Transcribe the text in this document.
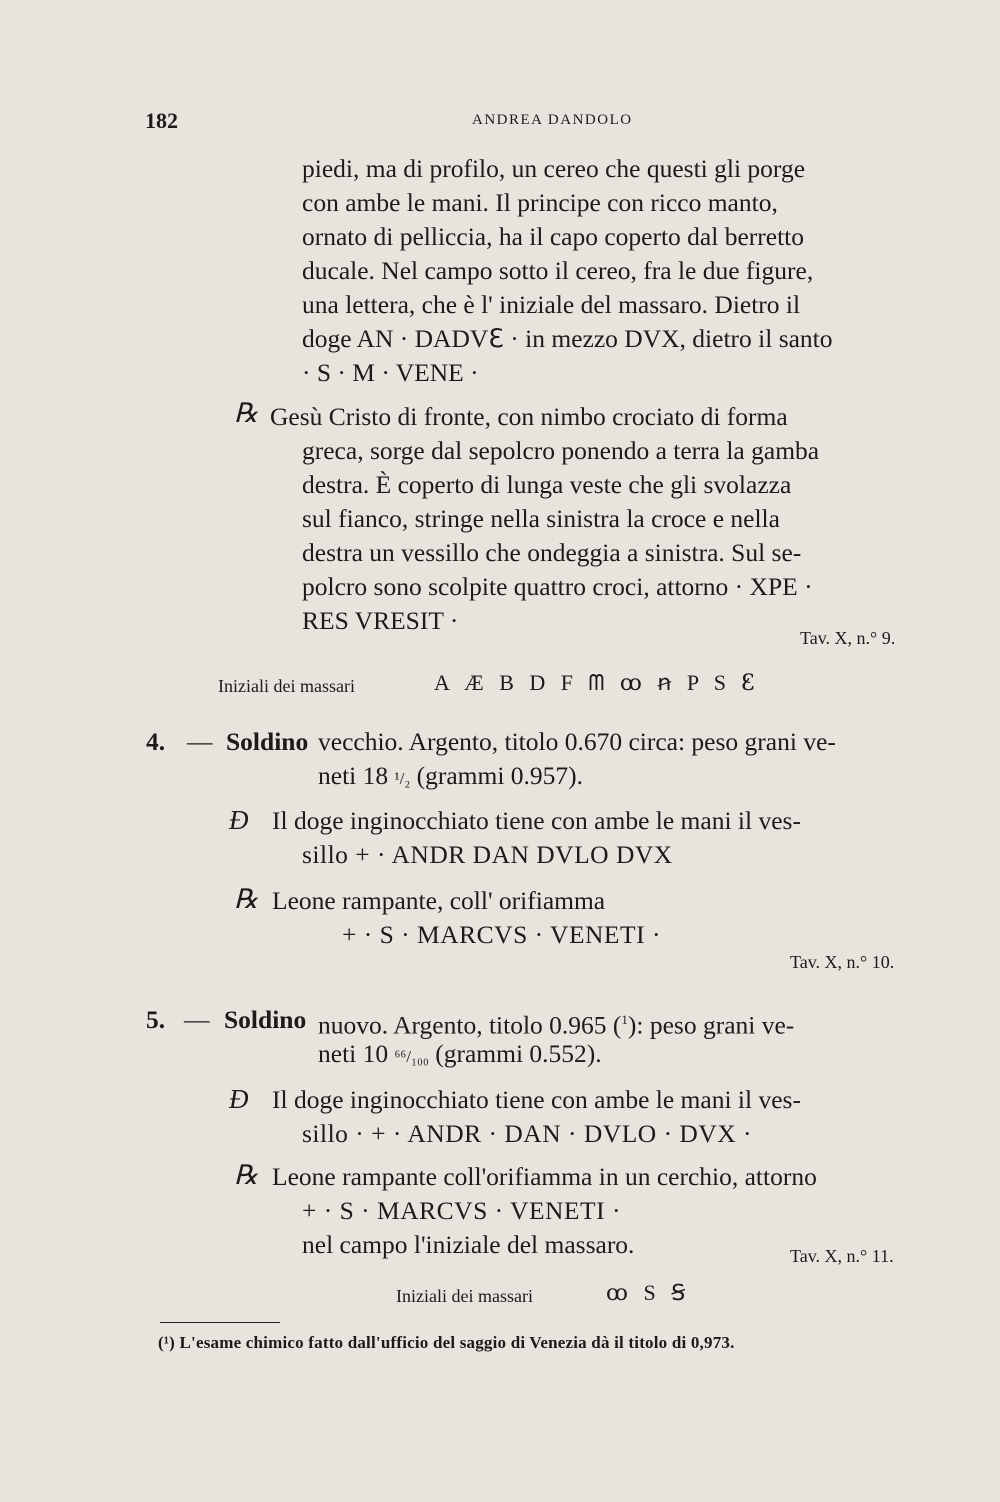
182	ANDREA DANDOLO
piedi, ma di profilo, un cereo che questi gli porge
con ambe le mani. Il principe con ricco manto,
ornato di pelliccia, ha il capo coperto dal berretto
ducale. Nel campo sotto il cereo, fra le due figure,
una lettera, che è l' iniziale del massaro. Dietro il
doge AN · DADVℇ · in mezzo DVX, dietro il santo
· S · M · VENE ·
℞ Gesù Cristo di fronte, con nimbo crociato di forma
greca, sorge dal sepolcro ponendo a terra la gamba
destra. È coperto di lunga veste che gli svolazza
sul fianco, stringe nella sinistra la croce e nella
destra un vessillo che ondeggia a sinistra. Sul se-
polcro sono scolpite quattro croci, attorno · XPE ·
RES VRESIT ·
Tav. X, n.° 9.
Iniziali dei massari	A Æ B D F ᗰ ꝏ ꞥ P S Ꜫ
4. — Soldino vecchio. Argento, titolo 0.670 circa: peso grani ve-
neti 18 ¹/₂ (grammi 0.957).
Ð Il doge inginocchiato tiene con ambe le mani il ves-
sillo + · ANDR DAN DVLO DVX
℞ Leone rampante, coll' orifiamma
+ · S · MARCVS · VENETI ·
Tav. X, n.° 10.
5. — Soldino nuovo. Argento, titolo 0.965 ($^1$): peso grani ve-
neti 10 ⁶⁶/₁₀₀ (grammi 0.552).
Ð Il doge inginocchiato tiene con ambe le mani il ves-
sillo · + · ANDR · DAN · DVLO · DVX ·
℞ Leone rampante coll'orifiamma in un cerchio, attorno
+ · S · MARCVS · VENETI ·
nel campo l'iniziale del massaro.	Tav. X, n.° 11.
Iniziali dei massari	ꝏ S Ꞩ
(¹) L'esame chimico fatto dall'ufficio del saggio di Venezia dà il titolo di 0,973.
